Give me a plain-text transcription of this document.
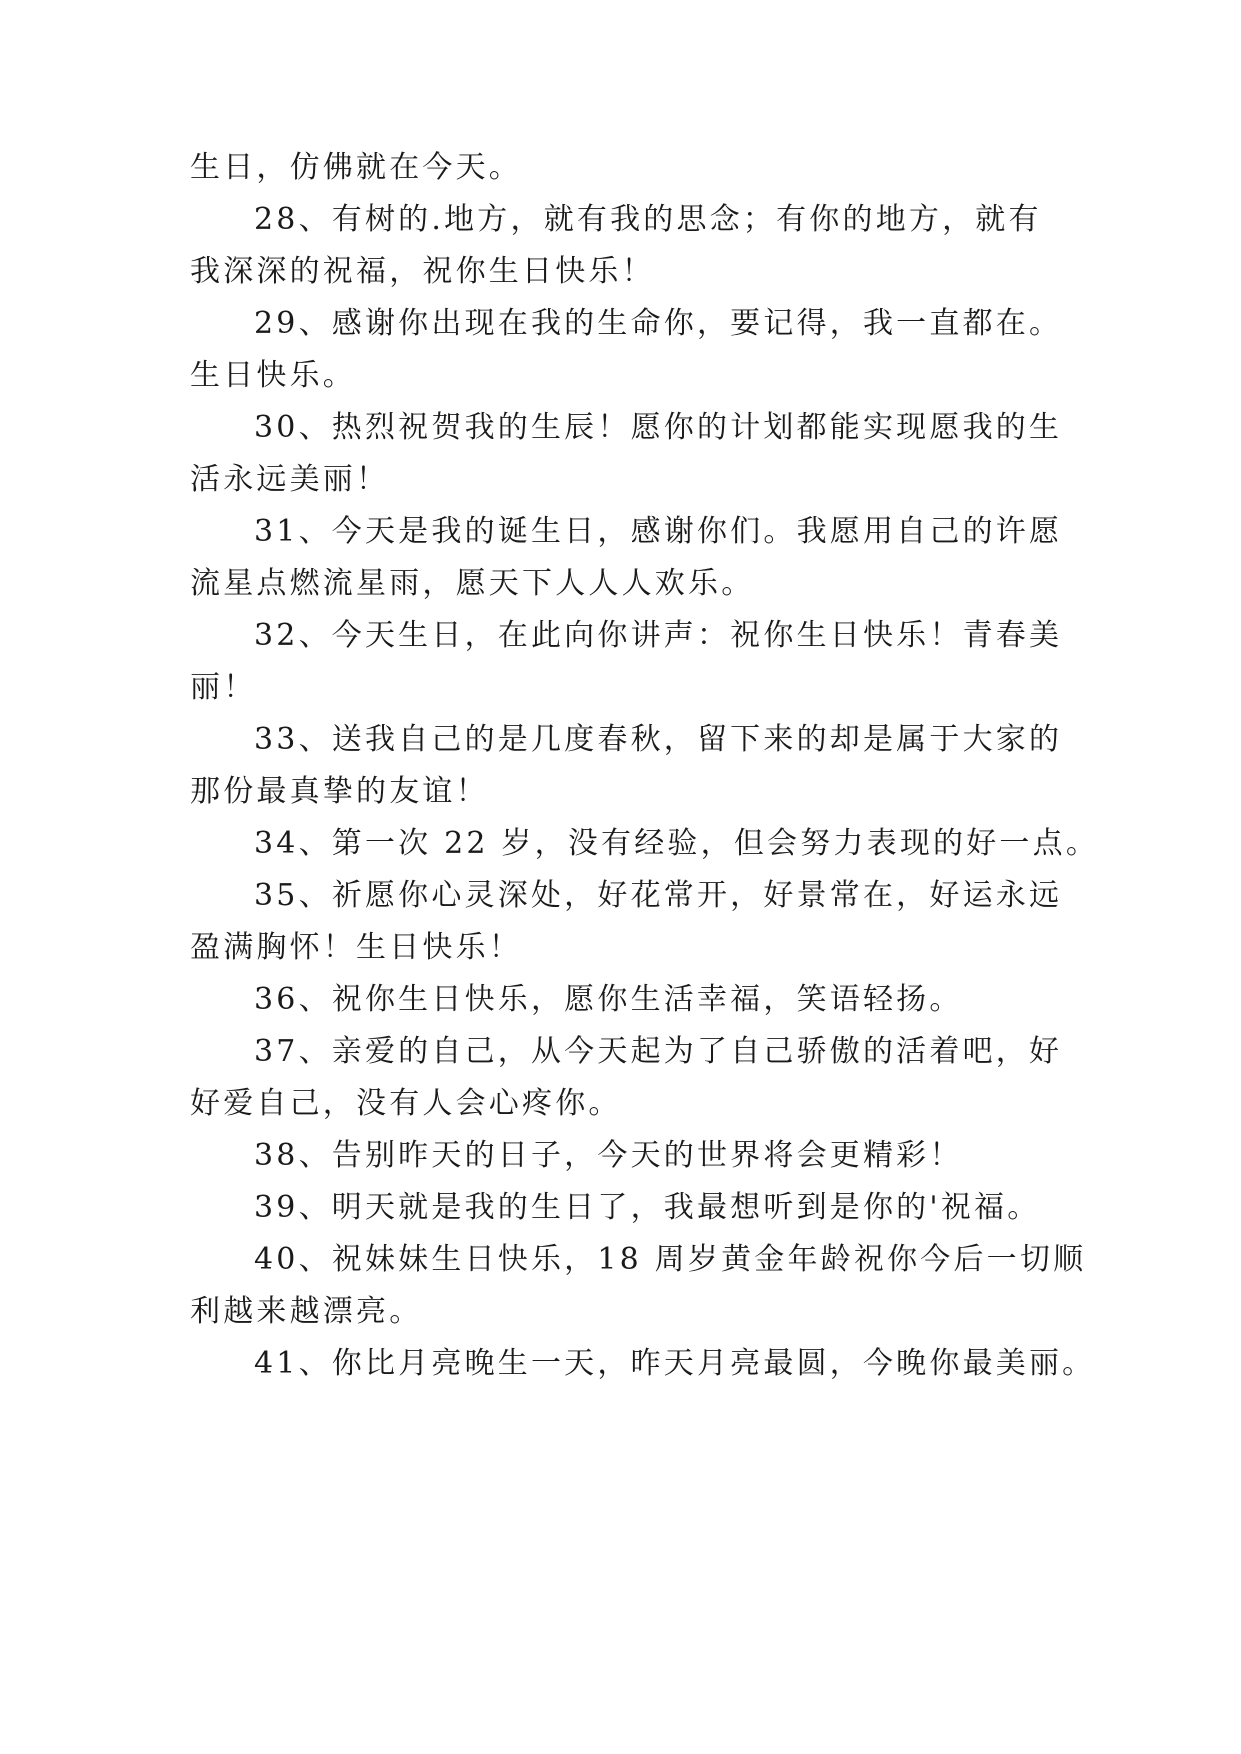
生日，仿佛就在今天。
28、有树的.地方，就有我的思念；有你的地方，就有
我深深的祝福，祝你生日快乐！
29、感谢你出现在我的生命你，要记得，我一直都在。
生日快乐。
30、热烈祝贺我的生辰！愿你的计划都能实现愿我的生
活永远美丽！
31、今天是我的诞生日，感谢你们。我愿用自己的许愿
流星点燃流星雨，愿天下人人人欢乐。
32、今天生日，在此向你讲声：祝你生日快乐！青春美
丽！
33、送我自己的是几度春秋，留下来的却是属于大家的
那份最真挚的友谊！
34、第一次 22 岁，没有经验，但会努力表现的好一点。
35、祈愿你心灵深处，好花常开，好景常在，好运永远
盈满胸怀！生日快乐！
36、祝你生日快乐，愿你生活幸福，笑语轻扬。
37、亲爱的自己，从今天起为了自己骄傲的活着吧，好
好爱自己，没有人会心疼你。
38、告别昨天的日子，今天的世界将会更精彩！
39、明天就是我的生日了，我最想听到是你的'祝福。
40、祝妹妹生日快乐，18 周岁黄金年龄祝你今后一切顺
利越来越漂亮。
41、你比月亮晚生一天，昨天月亮最圆，今晚你最美丽。
